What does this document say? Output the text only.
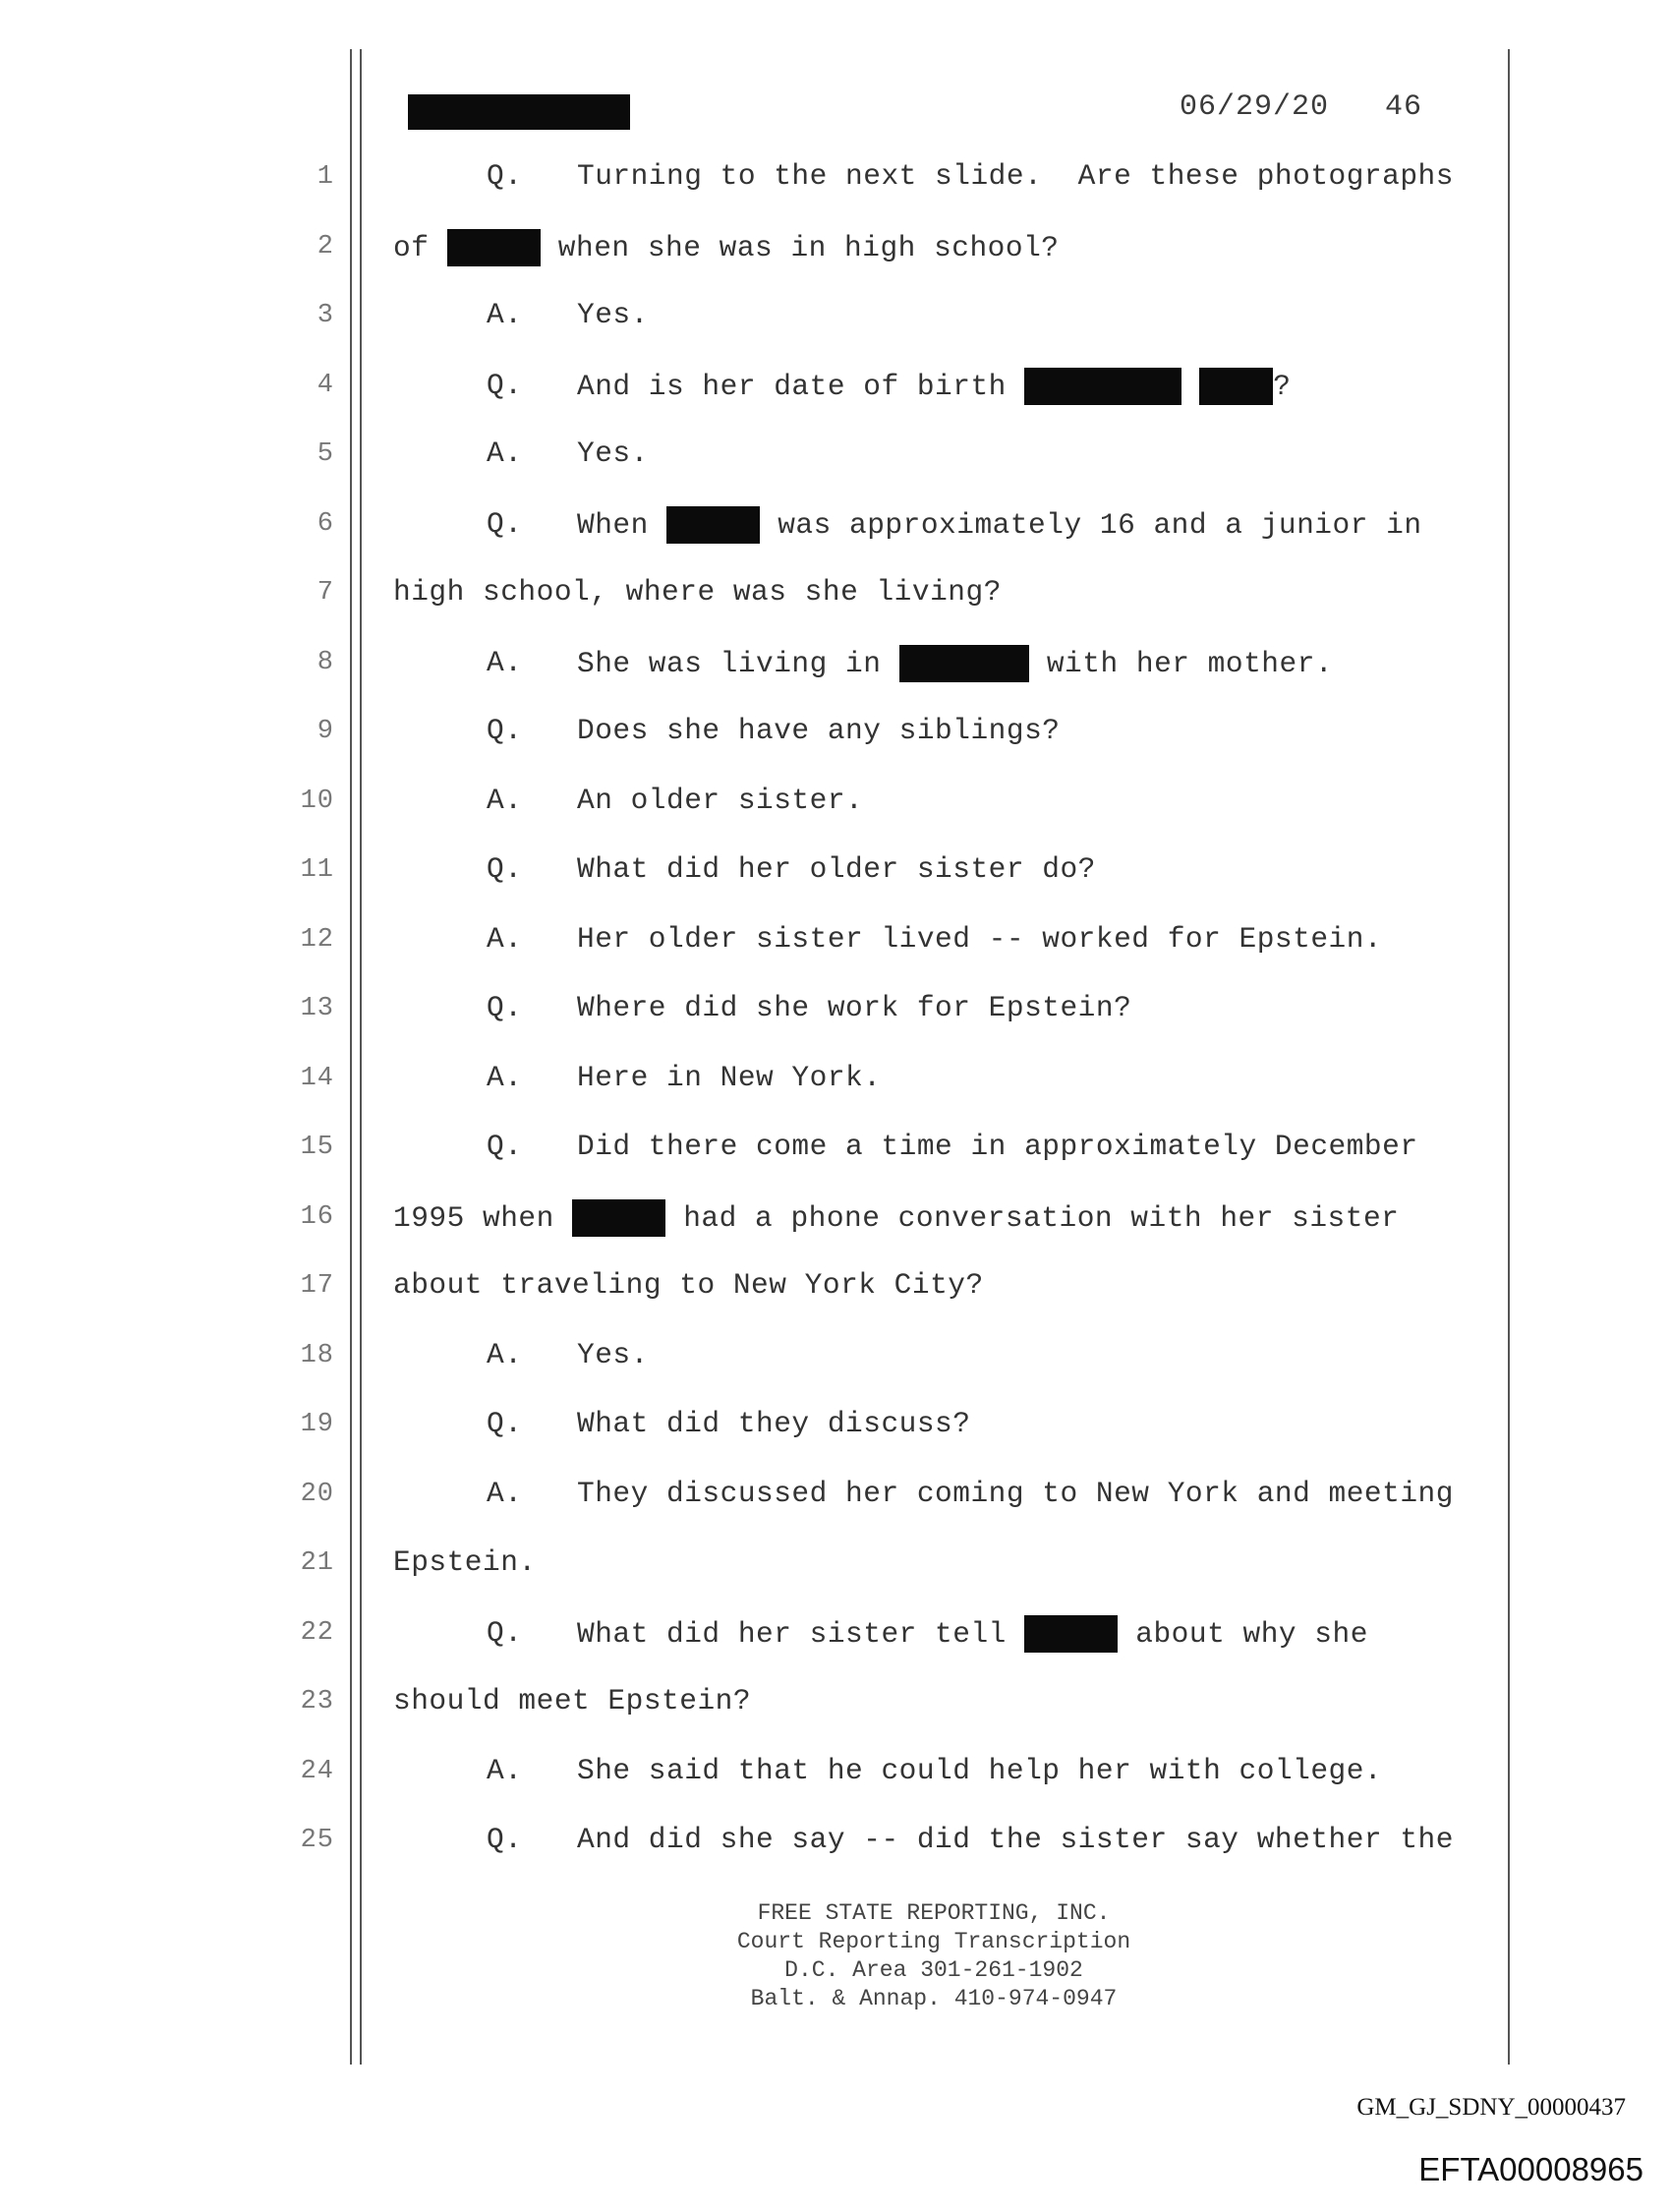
06/29/20 46
1	Q. Turning to the next slide.  Are these photographs
2 of	when she was in high school?
3	A. Yes.
4	Q. And is her date of birth	?
5	A. Yes.
6	Q. When	was approximately 16 and a junior in
7 high school, where was she living?
8	A. She was living in	with her mother.
9	Q. Does she have any siblings?
10	A. An older sister.
11	Q. What did her older sister do?
12	A. Her older sister lived -- worked for Epstein.
13	Q. Where did she work for Epstein?
14	A. Here in New York.
15	Q. Did there come a time in approximately December
16 1995 when	had a phone conversation with her sister
17 about traveling to New York City?
18	A. Yes.
19	Q. What did they discuss?
20	A. They discussed her coming to New York and meeting
21 Epstein.
22	Q. What did her sister tell	about why she
23 should meet Epstein?
24	A. She said that he could help her with college.
25	Q. And did she say -- did the sister say whether the
FREE STATE REPORTING, INC.
Court Reporting Transcription
D.C. Area 301-261-1902
Balt. & Annap. 410-974-0947
GM_GJ_SDNY_00000437
EFTA00008965
